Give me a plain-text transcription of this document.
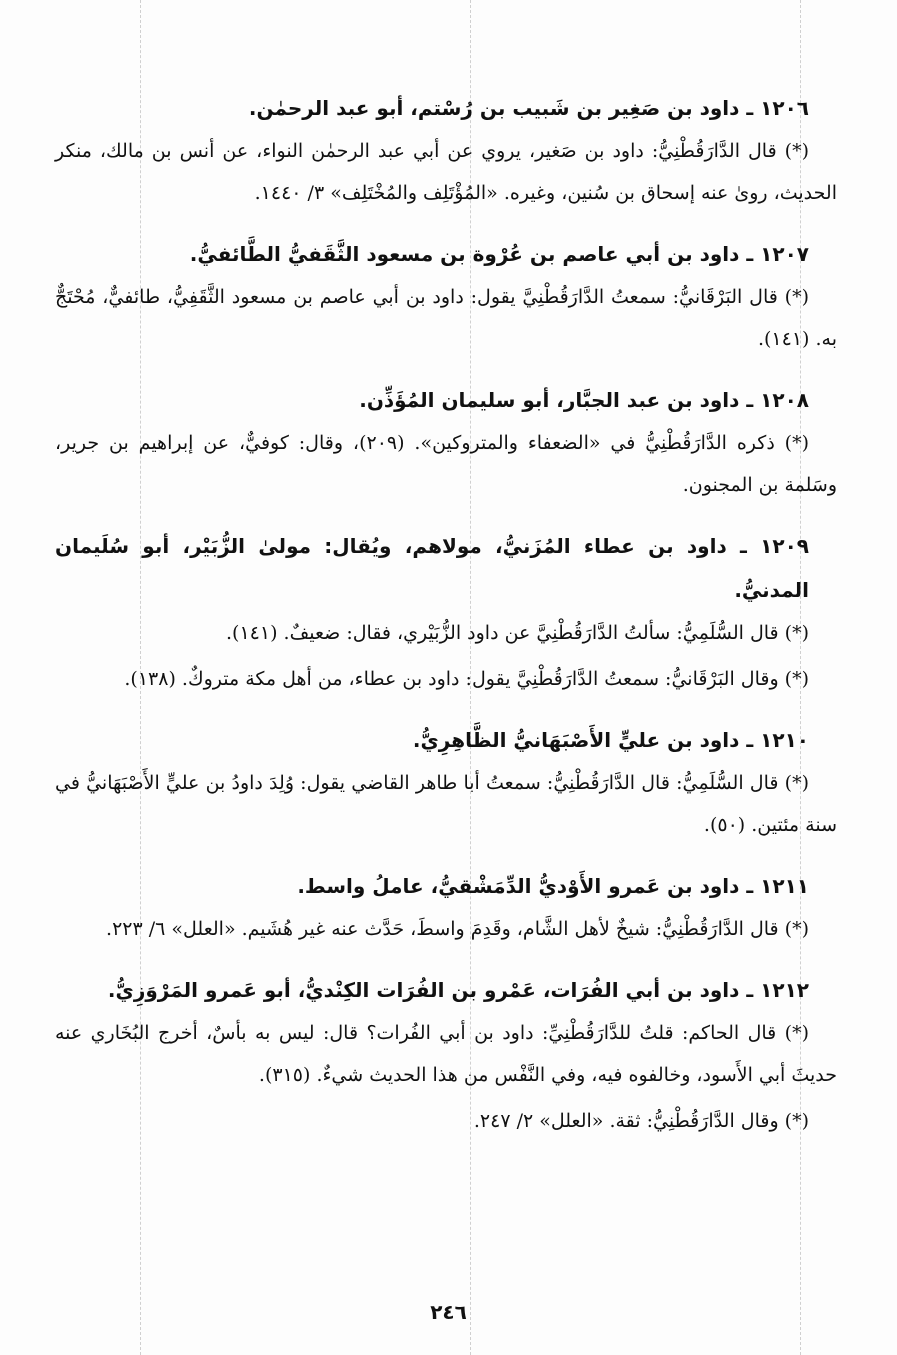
١٢٠٦ ـ داود بن صَغِير بن شَبيب بن رُسْتم، أبو عبد الرحمٰن.

(*) قال الدَّارَقُطْنِيُّ: داود بن صَغير، يروي عن أبي عبد الرحمٰن النواء، عن أنس بن مالك، منكر الحديث، روىٰ عنه إسحاق بن سُنين، وغيره. «المُؤْتَلِف والمُخْتَلِف» ٣/ ١٤٤٠.

١٢٠٧ ـ داود بن أبي عاصم بن عُرْوة بن مسعود الثَّقَفيُّ الطَّائفيُّ.

(*) قال البَرْقَانيُّ: سمعتُ الدَّارَقُطْنِيَّ يقول: داود بن أبي عاصم بن مسعود الثَّقَفِيُّ، طائفيٌّ، مُحْتَجٌّ به. (١٤١).

١٢٠٨ ـ داود بن عبد الجبَّار، أبو سليمان المُؤَذِّن.

(*) ذكره الدَّارَقُطْنِيُّ في «الضعفاء والمتروكين». (٢٠٩)، وقال: كوفيٌّ، عن إبراهيم بن جرير، وسَلمة بن المجنون.

١٢٠٩ ـ داود بن عطاء المُزَنيُّ، مولاهم، ويُقال: مولىٰ الزُّبَيْر، أبو سُلَيمان المدنيُّ.

(*) قال السُّلَمِيُّ: سألتُ الدَّارَقُطْنِيَّ عن داود الزُّبَيْري، فقال: ضعيفٌ. (١٤١).

(*) وقال البَرْقَانيُّ: سمعتُ الدَّارَقُطْنِيَّ يقول: داود بن عطاء، من أهل مكة متروكٌ. (١٣٨).

١٢١٠ ـ داود بن عليٍّ الأَصْبَهَانيُّ الظَّاهِرِيُّ.

(*) قال السُّلَمِيُّ: قال الدَّارَقُطْنِيُّ: سمعتُ أبا طاهر القاضي يقول: وُلِدَ داودُ بن عليٍّ الأَصْبَهَانيُّ في سنة مئتين. (٥٠).

١٢١١ ـ داود بن عَمرو الأَوْديُّ الدِّمَشْقيُّ، عاملُ واسط.

(*) قال الدَّارَقُطْنِيُّ: شيخٌ لأهل الشَّام، وقَدِمَ واسطَ، حَدَّث عنه غير هُشَيم. «العلل» ٦/ ٢٢٣.

١٢١٢ ـ داود بن أبي الفُرَات، عَمْرو بن الفُرَات الكِنْديُّ، أبو عَمرو المَرْوَزِيُّ.

(*) قال الحاكم: قلتُ للدَّارَقُطْنِيِّ: داود بن أبي الفُرات؟ قال: ليس به بأسٌ، أخرج البُخَاري عنه حديثَ أبي الأَسود، وخالفوه فيه، وفي النَّفْس من هذا الحديث شيءٌ. (٣١٥).

(*) وقال الدَّارَقُطْنِيُّ: ثقة. «العلل» ٢/ ٢٤٧.

٢٤٦
